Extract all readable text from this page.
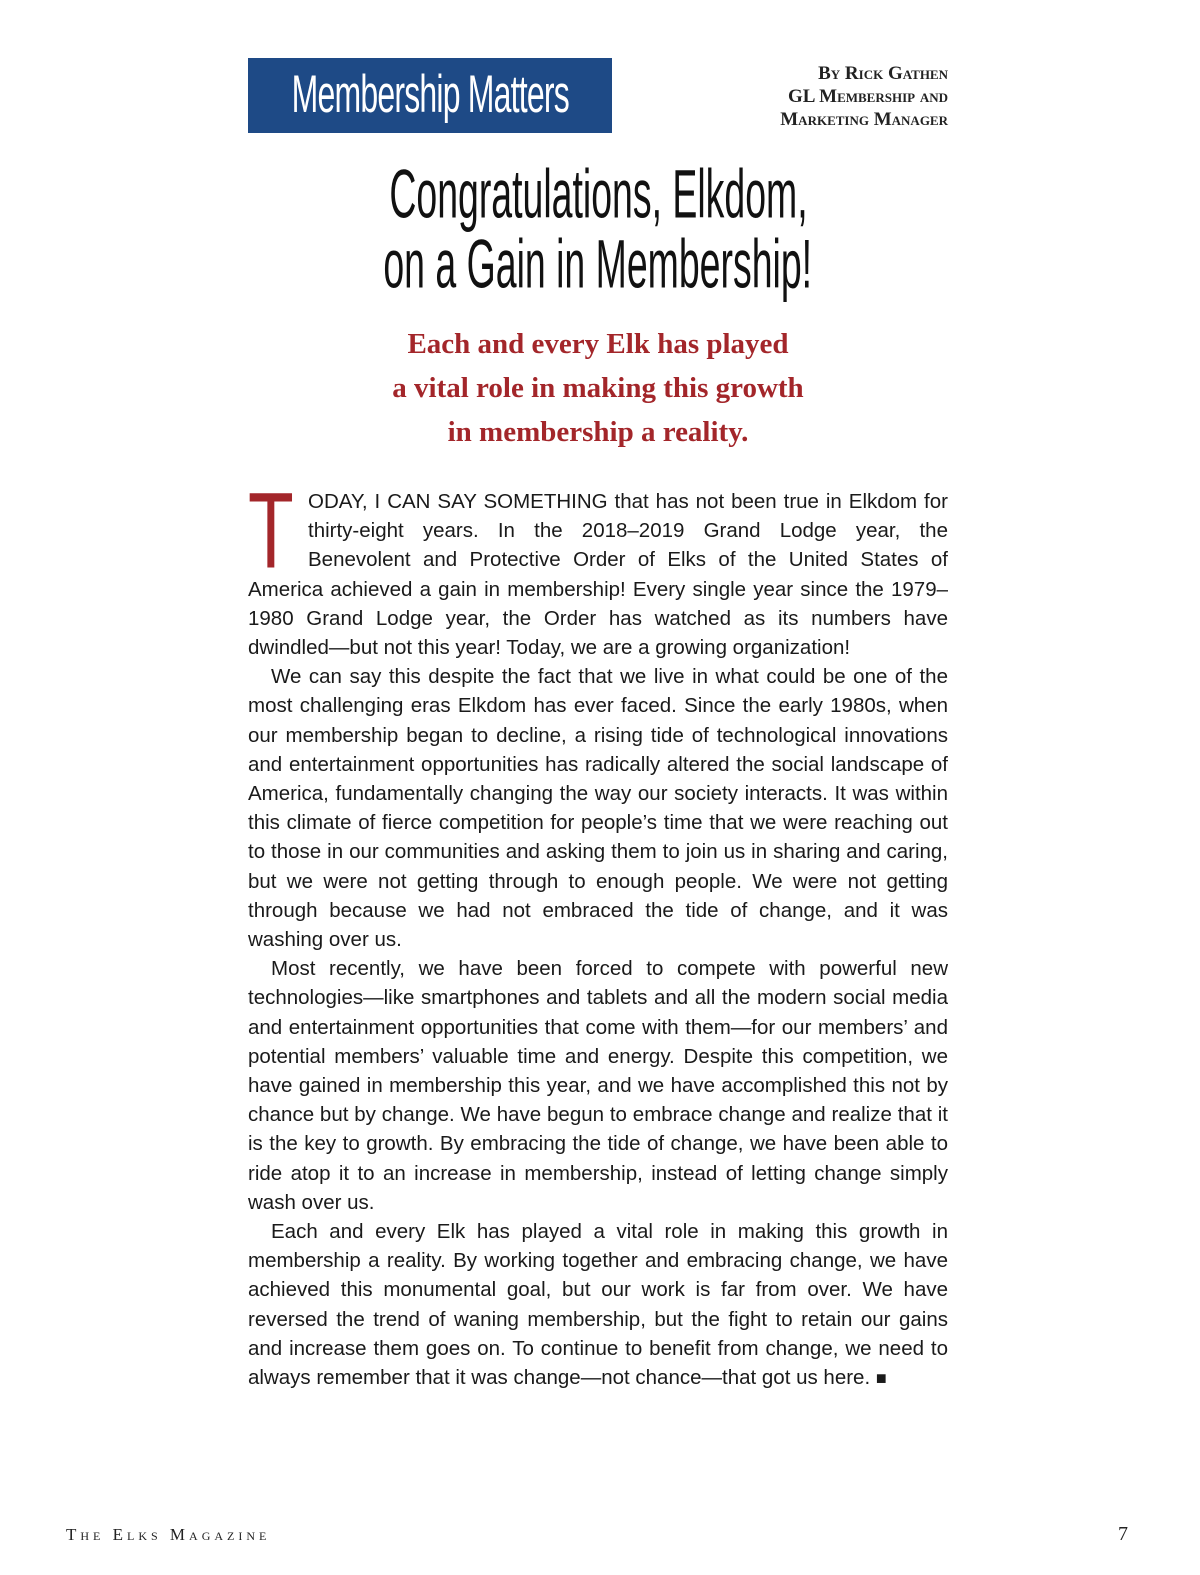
Membership Matters	By Rick Gathen
GL Membership and
Marketing Manager
Congratulations, Elkdom,
on a Gain in Membership!
Each and every Elk has played
a vital role in making this growth
in membership a reality.

TODAY, I CAN SAY SOMETHING that has not been true in Elkdom for thirty-eight years. In the 2018–2019 Grand Lodge year, the Benevolent and Protective Order of Elks of the United States of America achieved a gain in membership! Every single year since the 1979–1980 Grand Lodge year, the Order has watched as its numbers have dwindled—but not this year! Today, we are a growing organization!

We can say this despite the fact that we live in what could be one of the most challenging eras Elkdom has ever faced. Since the early 1980s, when our membership began to decline, a rising tide of technological innovations and entertainment opportunities has radically altered the social landscape of America, fundamentally changing the way our society interacts. It was within this climate of fierce competition for people’s time that we were reaching out to those in our communities and asking them to join us in sharing and caring, but we were not getting through to enough people. We were not getting through because we had not embraced the tide of change, and it was washing over us.

Most recently, we have been forced to compete with powerful new technologies—like smartphones and tablets and all the modern social media and entertainment opportunities that come with them—for our members’ and potential members’ valuable time and energy. Despite this competition, we have gained in membership this year, and we have accomplished this not by chance but by change. We have begun to embrace change and realize that it is the key to growth. By embracing the tide of change, we have been able to ride atop it to an increase in membership, instead of letting change simply wash over us.

Each and every Elk has played a vital role in making this growth in membership a reality. By working together and embracing change, we have achieved this monumental goal, but our work is far from over. We have reversed the trend of waning membership, but the fight to retain our gains and increase them goes on. To continue to benefit from change, we need to always remember that it was change—not chance—that got us here. ■

The Elks Magazine	7
